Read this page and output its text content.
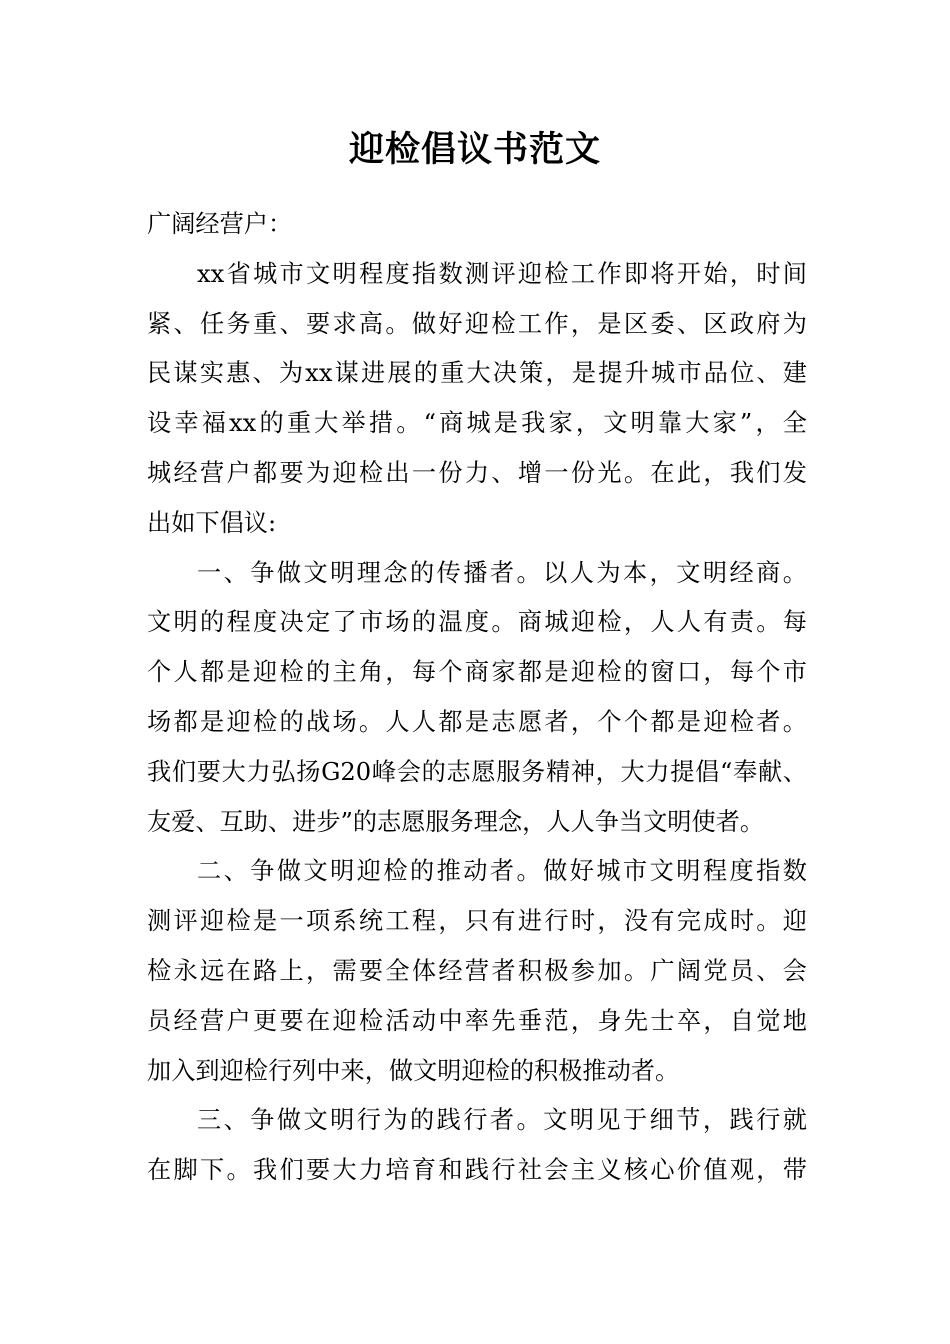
迎检倡议书范文
广阔经营户：
xx省城市文明程度指数测评迎检工作即将开始，时间
紧、任务重、要求高。做好迎检工作，是区委、区政府为
民谋实惠、为xx谋进展的重大决策，是提升城市品位、建
设幸福xx的重大举措。“商城是我家，文明靠大家”，全
城经营户都要为迎检出一份力、增一份光。在此，我们发
出如下倡议:
一、争做文明理念的传播者。以人为本，文明经商。
文明的程度决定了市场的温度。商城迎检，人人有责。每
个人都是迎检的主角，每个商家都是迎检的窗口，每个市
场都是迎检的战场。人人都是志愿者，个个都是迎检者。
我们要大力弘扬G20峰会的志愿服务精神，大力提倡“奉献、
友爱、互助、进步”的志愿服务理念，人人争当文明使者。
二、争做文明迎检的推动者。做好城市文明程度指数
测评迎检是一项系统工程，只有进行时，没有完成时。迎
检永远在路上，需要全体经营者积极参加。广阔党员、会
员经营户更要在迎检活动中率先垂范，身先士卒，自觉地
加入到迎检行列中来，做文明迎检的积极推动者。
三、争做文明行为的践行者。文明见于细节，践行就
在脚下。我们要大力培育和践行社会主义核心价值观，带
